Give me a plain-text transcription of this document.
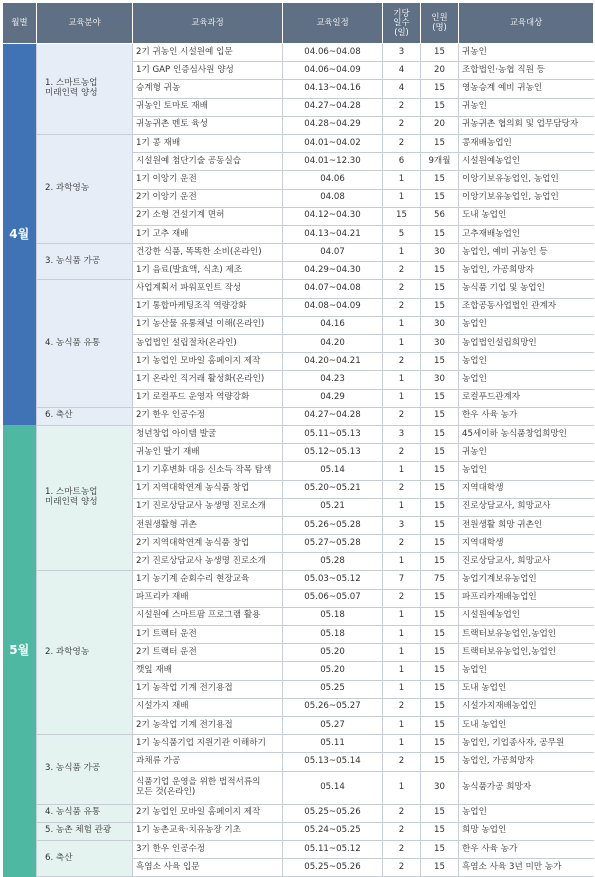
월별	교육분야	교육과정	교육일정	기당
일수
(일)	인원
(명)	교육대상
4월	1. 스마트농업
미래인력 양성	2기 귀농인 시설원예 입문	04.06~04.08	3	15	귀농인
		1기 GAP 인증심사원 양성	04.06~04.09	4	20	조합법인·농협 직원 등
		승계형 귀농	04.13~04.16	4	15	영농승계 예비 귀농인
		귀농인 토마토 재배	04.27~04.28	2	15	귀농인
		귀농귀촌 멘토 육성	04.28~04.29	2	20	귀농귀촌 협의회 및 업무담당자
	2. 과학영농	1기 콩 재배	04.01~04.02	2	15	콩재배농업인
		시설원예 첨단기술 공동실습	04.01~12.30	6	9개월	시설원예농업인
		1기 이앙기 운전	04.06	1	15	이앙기보유농업인, 농업인
		2기 이앙기 운전	04.08	1	15	이앙기보유농업인, 농업인
		2기 소형 건설기계 면허	04.12~04.30	15	56	도내 농업인
		1기 고추 재배	04.13~04.21	5	15	고추재배농업인
	3. 농식품 가공	건강한 식품, 똑똑한 소비(온라인)	04.07	1	30	농업인, 예비 귀농인 등
		1기 음료(발효액, 식초) 제조	04.29~04.30	2	15	농업인, 가공희망자
	4. 농식품 유통	사업계획서 파워포인트 작성	04.07~04.08	2	15	농식품 기업 및 농업인
		1기 통합마케팅조직 역량강화	04.08~04.09	2	15	조합공동사업법인 관계자
		1기 농산물 유통채널 이해(온라인)	04.16	1	30	농업인
		농업법인 설립절차(온라인)	04.20	1	30	농업법인설립희망인
		1기 농업인 모바일 홈페이지 제작	04.20~04.21	2	15	농업인
		1기 온라인 직거래 활성화(온라인)	04.23	1	30	농업인
		1기 로컬푸드 운영자 역량강화	04.29	1	15	로컬푸드관계자
	6. 축산	2기 한우 인공수정	04.27~04.28	2	15	한우 사육 농가
5월	1. 스마트농업
미래인력 양성	청년창업 아이템 발굴	05.11~05.13	3	15	45세이하 농식품창업희망인
		귀농인 딸기 재배	05.12~05.13	2	15	귀농인
		1기 기후변화 대응 신소득 작목 탐색	05.14	1	15	농업인
		1기 지역대학연계 농식품 창업	05.20~05.21	2	15	지역대학생
		1기 진로상담교사 농생명 진로소개	05.21	1	15	진로상담교사, 희망교사
		전원생활형 귀촌	05.26~05.28	3	15	전원생활 희망 귀촌인
		2기 지역대학연계 농식품 창업	05.27~05.28	2	15	지역대학생
		2기 진로상담교사 농생명 진로소개	05.28	1	15	진로상담교사, 희망교사
	2. 과학영농	1기 농기계 순회수리 현장교육	05.03~05.12	7	75	농업기계보유농업인
		파프리카 재배	05.06~05.07	2	15	파프리카재배농업인
		시설원예 스마트팜 프로그램 활용	05.18	1	15	시설원예농업인
		1기 트랙터 운전	05.18	1	15	트랙터보유농업인,농업인
		2기 트랙터 운전	05.20	1	15	트랙터보유농업인,농업인
		깻잎 재배	05.20	1	15	농업인
		1기 농작업 기계 전기용접	05.25	1	15	도내 농업인
		시설가지 재배	05.26~05.27	2	15	시설가지재배농업인
		2기 농작업 기계 전기용접	05.27	1	15	도내 농업인
	3. 농식품 가공	1기 농식품기업 지원기관 이해하기	05.11	1	15	농업인, 기업종사자, 공무원
		과채류 가공	05.13~05.14	2	15	농업인, 가공희망자
		식품기업 운영을 위한 법적서류의
모든 것(온라인)	05.14	1	30	농식품가공 희망자
	4. 농식품 유통	2기 농업인 모바일 홈페이지 제작	05.25~05.26	2	15	농업인
	5. 농촌 체험 관광	1기 농촌교육·치유농장 기초	05.24~05.25	2	15	희망 농업인
	6. 축산	3기 한우 인공수정	05.11~05.12	2	15	한우 사육 농가
		흑염소 사육 입문	05.25~05.26	2	15	흑염소 사육 3년 미만 농가
